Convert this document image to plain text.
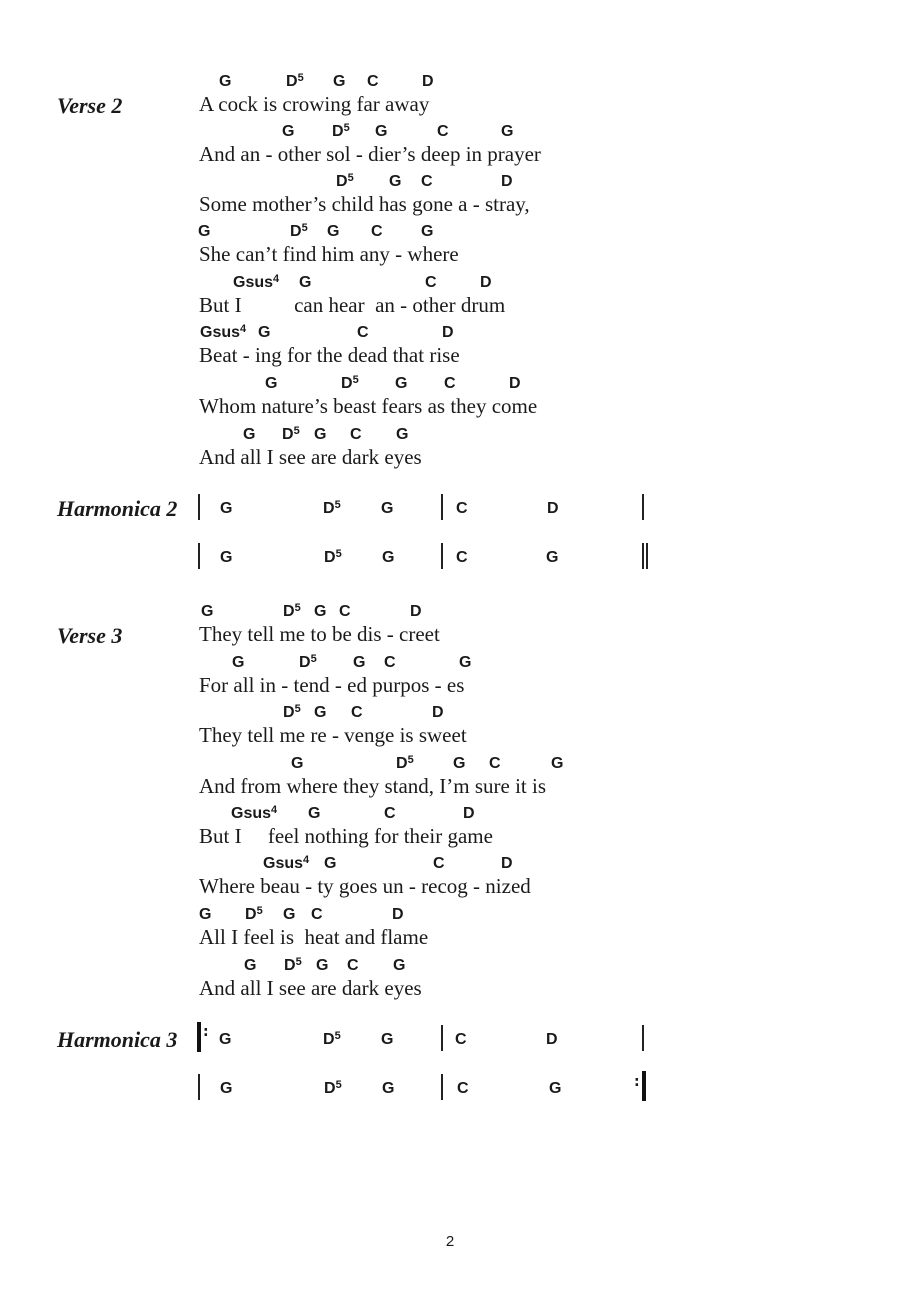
Verse 2
Harmonica 2
Verse 3
Harmonica 3 :
:
2
G	$D^5$ G C	D
A cock is crowing far away
G $D^5$ G	C	G
And an - other sol - dier’s deep in prayer
$D^5$ G C	D
Some mother’s child has gone a - stray,
G	$D^5$ G C G
She can’t find him any - where
Gsus$^4$ G	C	D
But I          can hear  an - other drum
Gsus$^4$ G	C	D
Beat - ing for the dead that rise
G	$D^5$ G C	D
Whom nature’s beast fears as they come
G $D^5$ G C G
And all I see are dark eyes
G	$D^5$	G	C	D
G	$D^5$	G	C	G
G	$D^5$ G C	D
They tell me to be dis - creet
G	$D^5$ G C	G
For all in - tend - ed purpos - es
$D^5$ G C	D
They tell me re - venge is sweet
G	$D^5$ G C	G
And from where they stand, I’m sure it is
Gsus$^4$ G	C	D
But I     feel nothing for their game
Gsus$^4$ G	C	D
Where beau - ty goes un - recog - nized
G $D^5$ G C	D
All I feel is  heat and flame
G $D^5$ G C G
And all I see are dark eyes
G	$D^5$	G	C	D
G	$D^5$	G	C	G
